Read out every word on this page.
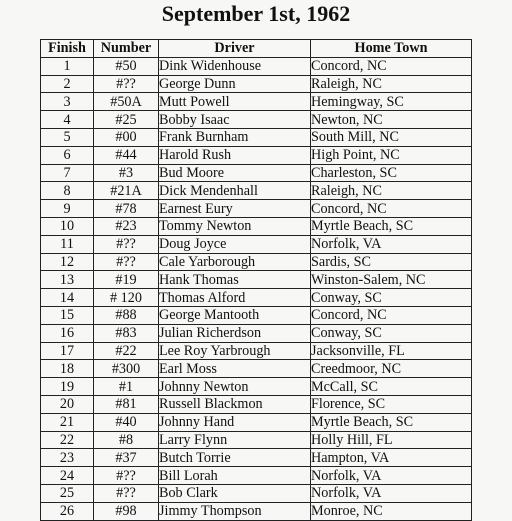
September 1st, 1962
Finish	Number	Driver	Home Town
1	#50	Dink Widenhouse	Concord, NC
2	#??	George Dunn	Raleigh, NC
3	#50A	Mutt Powell	Hemingway, SC
4	#25	Bobby Isaac	Newton, NC
5	#00	Frank Burnham	South Mill, NC
6	#44	Harold Rush	High Point, NC
7	#3	Bud Moore	Charleston, SC
8	#21A	Dick Mendenhall	Raleigh, NC
9	#78	Earnest Eury	Concord, NC
10	#23	Tommy Newton	Myrtle Beach, SC
11	#??	Doug Joyce	Norfolk, VA
12	#??	Cale Yarborough	Sardis, SC
13	#19	Hank Thomas	Winston-Salem, NC
14	# 120	Thomas Alford	Conway, SC
15	#88	George Mantooth	Concord, NC
16	#83	Julian Richerdson	Conway, SC
17	#22	Lee Roy Yarbrough	Jacksonville, FL
18	#300	Earl Moss	Creedmoor, NC
19	#1	Johnny Newton	McCall, SC
20	#81	Russell Blackmon	Florence, SC
21	#40	Johnny Hand	Myrtle Beach, SC
22	#8	Larry Flynn	Holly Hill, FL
23	#37	Butch Torrie	Hampton, VA
24	#??	Bill Lorah	Norfolk, VA
25	#??	Bob Clark	Norfolk, VA
26	#98	Jimmy Thompson	Monroe, NC
